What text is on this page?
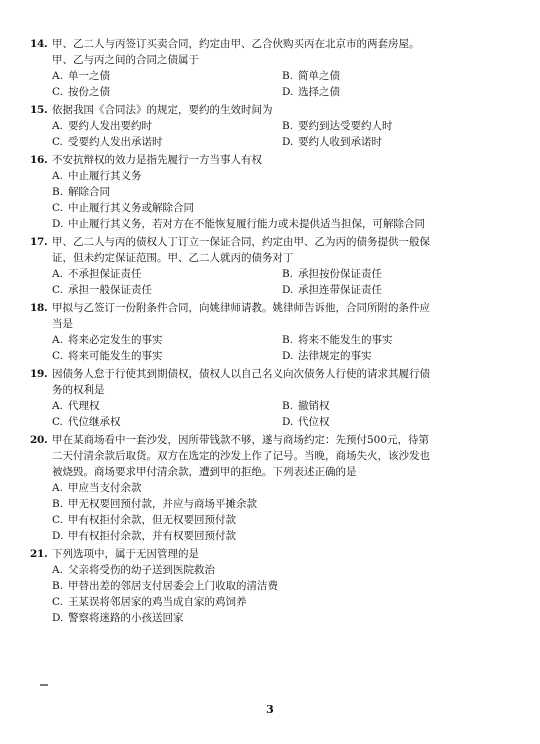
14. 甲、乙二人与丙签订买卖合同，约定由甲、乙合伙购买丙在北京市的两套房屋。
甲、乙与丙之间的合同之债属于
A. 单一之债	B. 简单之债
C. 按份之债	D. 选择之债
15. 依据我国《合同法》的规定，要约的生效时间为
A. 要约人发出要约时	B. 要约到达受要约人时
C. 受要约人发出承诺时	D. 要约人收到承诺时
16. 不安抗辩权的效力是指先履行一方当事人有权
A. 中止履行其义务
B. 解除合同
C. 中止履行其义务或解除合同
D. 中止履行其义务，若对方在不能恢复履行能力或未提供适当担保，可解除合同
17. 甲、乙二人与丙的债权人丁订立一保证合同，约定由甲、乙为丙的债务提供一般保
证，但未约定保证范围。甲、乙二人就丙的债务对丁
A. 不承担保证责任	B. 承担按份保证责任
C. 承担一般保证责任	D. 承担连带保证责任
18. 甲拟与乙签订一份附条件合同，向姚律师请教。姚律师告诉他，合同所附的条件应
当是
A. 将来必定发生的事实	B. 将来不能发生的事实
C. 将来可能发生的事实	D. 法律规定的事实
19. 因债务人怠于行使其到期债权，债权人以自己名义向次债务人行使的请求其履行债
务的权利是
A. 代理权	B. 撤销权
C. 代位继承权	D. 代位权
20. 甲在某商场看中一套沙发，因所带钱款不够，遂与商场约定：先预付500元，待第
二天付清余款后取货。双方在选定的沙发上作了记号。当晚，商场失火，该沙发也
被烧毁。商场要求甲付清余款，遭到甲的拒绝。下列表述正确的是
A. 甲应当支付余款
B. 甲无权要回预付款，并应与商场平摊余款
C. 甲有权拒付余款，但无权要回预付款
D. 甲有权拒付余款，并有权要回预付款
21. 下列选项中，属于无因管理的是
A. 父亲将受伤的幼子送到医院救治
B. 甲替出差的邻居支付居委会上门收取的清洁费
C. 王某误将邻居家的鸡当成自家的鸡饲养
D. 警察将迷路的小孩送回家
3
